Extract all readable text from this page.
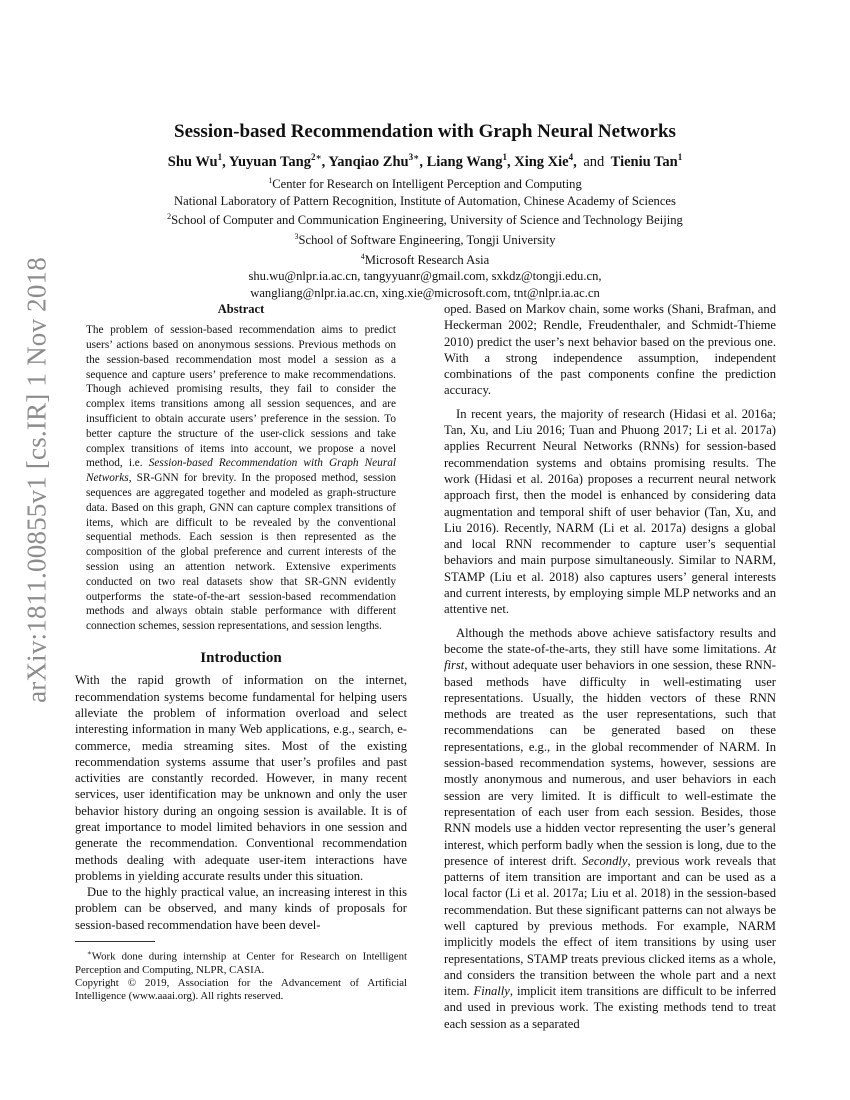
arXiv:1811.00855v1 [cs.IR] 1 Nov 2018
Session-based Recommendation with Graph Neural Networks
Shu Wu$^1$, Yuyuan Tang$^{2∗}$, Yanqiao Zhu$^{3∗}$, Liang Wang$^1$, Xing Xie$^4$, and Tieniu Tan$^1$
$^1$Center for Research on Intelligent Perception and Computing
National Laboratory of Pattern Recognition, Institute of Automation, Chinese Academy of Sciences
$^2$School of Computer and Communication Engineering, University of Science and Technology Beijing
$^3$School of Software Engineering, Tongji University
$^4$Microsoft Research Asia
shu.wu@nlpr.ia.ac.cn, tangyyuanr@gmail.com, sxkdz@tongji.edu.cn,
wangliang@nlpr.ia.ac.cn, xing.xie@microsoft.com, tnt@nlpr.ia.ac.cn
Abstract

The problem of session-based recommendation aims to predict users’ actions based on anonymous sessions. Previous methods on the session-based recommendation most model a session as a sequence and capture users’ preference to make recommendations. Though achieved promising results, they fail to consider the complex items transitions among all session sequences, and are insufficient to obtain accurate users’ preference in the session. To better capture the structure of the user-click sessions and take complex transitions of items into account, we propose a novel method, i.e. Session-based Recommendation with Graph Neural Networks, SR-GNN for brevity. In the proposed method, session sequences are aggregated together and modeled as graph-structure data. Based on this graph, GNN can capture complex transitions of items, which are difficult to be revealed by the conventional sequential methods. Each session is then represented as the composition of the global preference and current interests of the session using an attention network. Extensive experiments conducted on two real datasets show that SR-GNN evidently outperforms the state-of-the-art session-based recommendation methods and always obtain stable performance with different connection schemes, session representations, and session lengths.

Introduction

With the rapid growth of information on the internet, recommendation systems become fundamental for helping users alleviate the problem of information overload and select interesting information in many Web applications, e.g., search, e-commerce, media streaming sites. Most of the existing recommendation systems assume that user’s profiles and past activities are constantly recorded. However, in many recent services, user identification may be unknown and only the user behavior history during an ongoing session is available. It is of great importance to model limited behaviors in one session and generate the recommendation. Conventional recommendation methods dealing with adequate user-item interactions have problems in yielding accurate results under this situation.

Due to the highly practical value, an increasing interest in this problem can be observed, and many kinds of proposals for session-based recommendation have been devel-

∗Work done during internship at Center for Research on Intelligent Perception and Computing, NLPR, CASIA.

Copyright © 2019, Association for the Advancement of Artificial Intelligence (www.aaai.org). All rights reserved.

oped. Based on Markov chain, some works (Shani, Brafman, and Heckerman 2002; Rendle, Freudenthaler, and Schmidt-Thieme 2010) predict the user’s next behavior based on the previous one. With a strong independence assumption, independent combinations of the past components confine the prediction accuracy.

In recent years, the majority of research (Hidasi et al. 2016a; Tan, Xu, and Liu 2016; Tuan and Phuong 2017; Li et al. 2017a) applies Recurrent Neural Networks (RNNs) for session-based recommendation systems and obtains promising results. The work (Hidasi et al. 2016a) proposes a recurrent neural network approach first, then the model is enhanced by considering data augmentation and temporal shift of user behavior (Tan, Xu, and Liu 2016). Recently, NARM (Li et al. 2017a) designs a global and local RNN recommender to capture user’s sequential behaviors and main purpose simultaneously. Similar to NARM, STAMP (Liu et al. 2018) also captures users’ general interests and current interests, by employing simple MLP networks and an attentive net.

Although the methods above achieve satisfactory results and become the state-of-the-arts, they still have some limitations. At first, without adequate user behaviors in one session, these RNN-based methods have difficulty in well-estimating user representations. Usually, the hidden vectors of these RNN methods are treated as the user representations, such that recommendations can be generated based on these representations, e.g., in the global recommender of NARM. In session-based recommendation systems, however, sessions are mostly anonymous and numerous, and user behaviors in each session are very limited. It is difficult to well-estimate the representation of each user from each session. Besides, those RNN models use a hidden vector representing the user’s general interest, which perform badly when the session is long, due to the presence of interest drift. Secondly, previous work reveals that patterns of item transition are important and can be used as a local factor (Li et al. 2017a; Liu et al. 2018) in the session-based recommendation. But these significant patterns can not always be well captured by previous methods. For example, NARM implicitly models the effect of item transitions by using user representations, STAMP treats previous clicked items as a whole, and considers the transition between the whole part and a next item. Finally, implicit item transitions are difficult to be inferred and used in previous work. The existing methods tend to treat each session as a separated
